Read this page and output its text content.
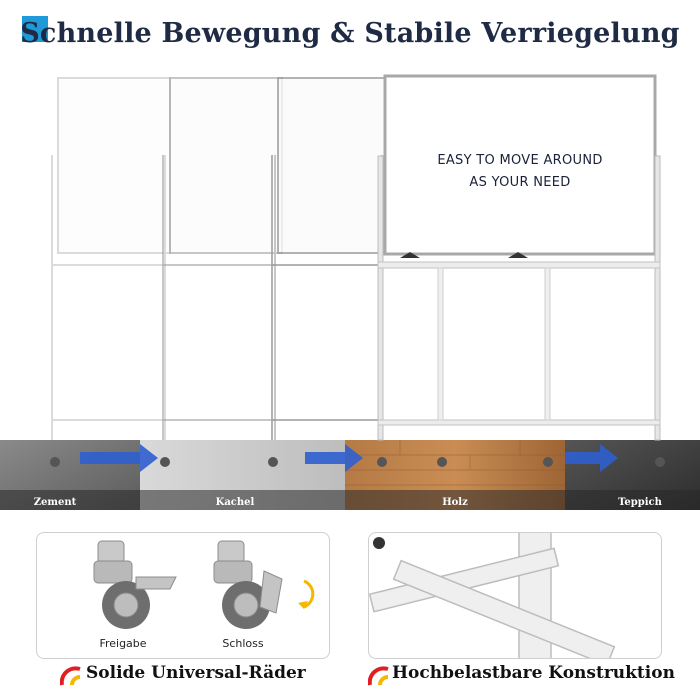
Schnelle Bewegung & Stabile Verriegelung
EASY TO MOVE AROUND
AS YOUR NEED
Zement	Kachel	Holz	Teppich
Freigabe	Schloss
Solide Universal-Räder	Hochbelastbare Konstruktion
